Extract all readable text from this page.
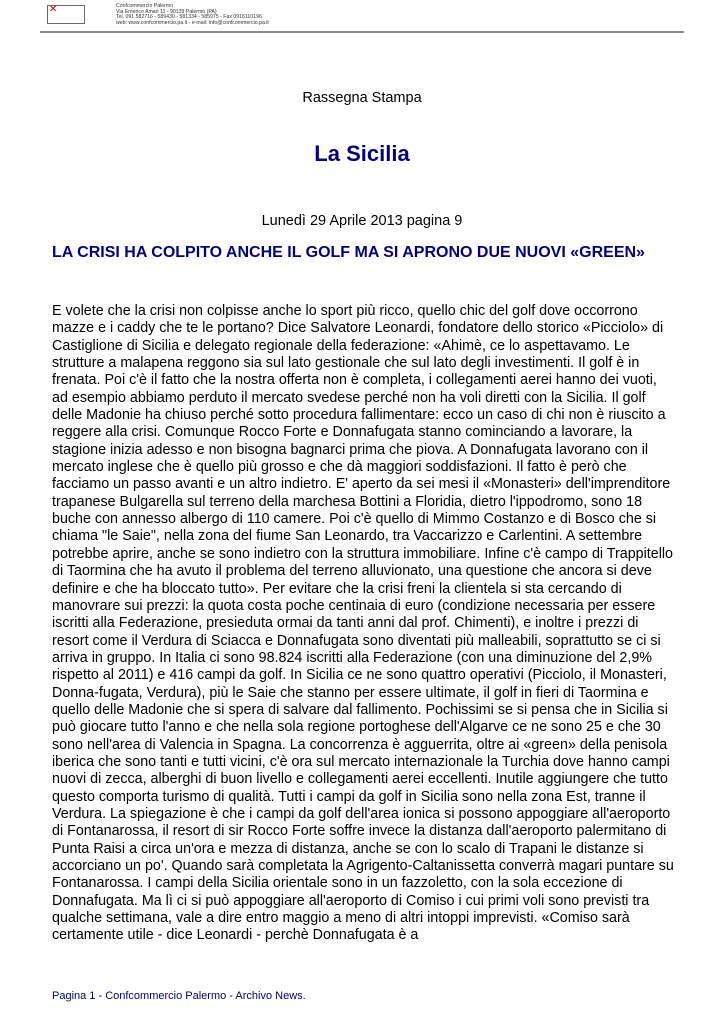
✕	Confcommercio Palermo
Via Emerico Amari 11 - 90139 Palermo (PA)
Tel. 091 582716 - 589430 - 581334 - 585975 - Fax 0916110196
web: www.confcommercio.pa.it - e-mail: info@confcommercio.pa.it
Rassegna Stampa
La Sicilia
Lunedì 29 Aprile 2013 pagina 9
LA CRISI HA COLPITO ANCHE IL GOLF MA SI APRONO DUE NUOVI «GREEN»
E volete che la crisi non colpisse anche lo sport più ricco, quello chic del golf dove occorrono mazze e i caddy che te le portano? Dice Salvatore Leonardi, fondatore dello storico «Picciolo» di Castiglione di Sicilia e delegato regionale della federazione: «Ahimè, ce lo aspettavamo. Le strutture a malapena reggono sia sul lato gestionale che sul lato degli investimenti. Il golf è in frenata. Poi c'è il fatto che la nostra offerta non è completa, i collegamenti aerei hanno dei vuoti, ad esempio abbiamo perduto il mercato svedese perché non ha voli diretti con la Sicilia. Il golf delle Madonie ha chiuso perché sotto procedura fallimentare: ecco un caso di chi non è riuscito a reggere alla crisi. Comunque Rocco Forte e Donnafugata stanno cominciando a lavorare, la stagione inizia adesso e non bisogna bagnarci prima che piova. A Donnafugata lavorano con il mercato inglese che è quello più grosso e che dà maggiori soddisfazioni. Il fatto è però che facciamo un passo avanti e un altro indietro. E' aperto da sei mesi il «Monasteri» dell'imprenditore trapanese Bulgarella sul terreno della marchesa Bottini a Floridia, dietro l'ippodromo, sono 18 buche con annesso albergo di 110 camere. Poi c'è quello di Mimmo Costanzo e di Bosco che si chiama "le Saie", nella zona del fiume San Leonardo, tra Vaccarizzo e Carlentini. A settembre potrebbe aprire, anche se sono indietro con la struttura immobiliare. Infine c'è campo di Trappitello di Taormina che ha avuto il problema del terreno alluvionato, una questione che ancora si deve definire e che ha bloccato tutto». Per evitare che la crisi freni la clientela si sta cercando di manovrare sui prezzi: la quota costa poche centinaia di euro (condizione necessaria per essere iscritti alla Federazione, presieduta ormai da tanti anni dal prof. Chimenti), e inoltre i prezzi di resort come il Verdura di Sciacca e Donnafugata sono diventati più malleabili, soprattutto se ci si arriva in gruppo. In Italia ci sono 98.824 iscritti alla Federazione (con una diminuzione del 2,9% rispetto al 2011) e 416 campi da golf. In Sicilia ce ne sono quattro operativi (Picciolo, il Monasteri, Donna-fugata, Verdura), più le Saie che stanno per essere ultimate, il golf in fieri di Taormina e quello delle Madonie che si spera di salvare dal fallimento. Pochissimi se si pensa che in Sicilia si può giocare tutto l'anno e che nella sola regione portoghese dell'Algarve ce ne sono 25 e che 30 sono nell'area di Valencia in Spagna. La concorrenza è agguerrita, oltre ai «green» della penisola iberica che sono tanti e tutti vicini, c'è ora sul mercato internazionale la Turchia dove hanno campi nuovi di zecca, alberghi di buon livello e collegamenti aerei eccellenti. Inutile aggiungere che tutto questo comporta turismo di qualità. Tutti i campi da golf in Sicilia sono nella zona Est, tranne il Verdura. La spiegazione è che i campi da golf dell'area ionica si possono appoggiare all'aeroporto di Fontanarossa, il resort di sir Rocco Forte soffre invece la distanza dall'aeroporto palermitano di Punta Raisi a circa un'ora e mezza di distanza, anche se con lo scalo di Trapani le distanze si accorciano un po'. Quando sarà completata la Agrigento-Caltanissetta converrà magari puntare su Fontanarossa. I campi della Sicilia orientale sono in un fazzoletto, con la sola eccezione di Donnafugata. Ma lì ci si può appoggiare all'aeroporto di Comiso i cui primi voli sono previsti tra qualche settimana, vale a dire entro maggio a meno di altri intoppi imprevisti. «Comiso sarà certamente utile - dice Leonardi - perchè Donnafugata è a
Pagina 1 - Confcommercio Palermo - Archivo News.
